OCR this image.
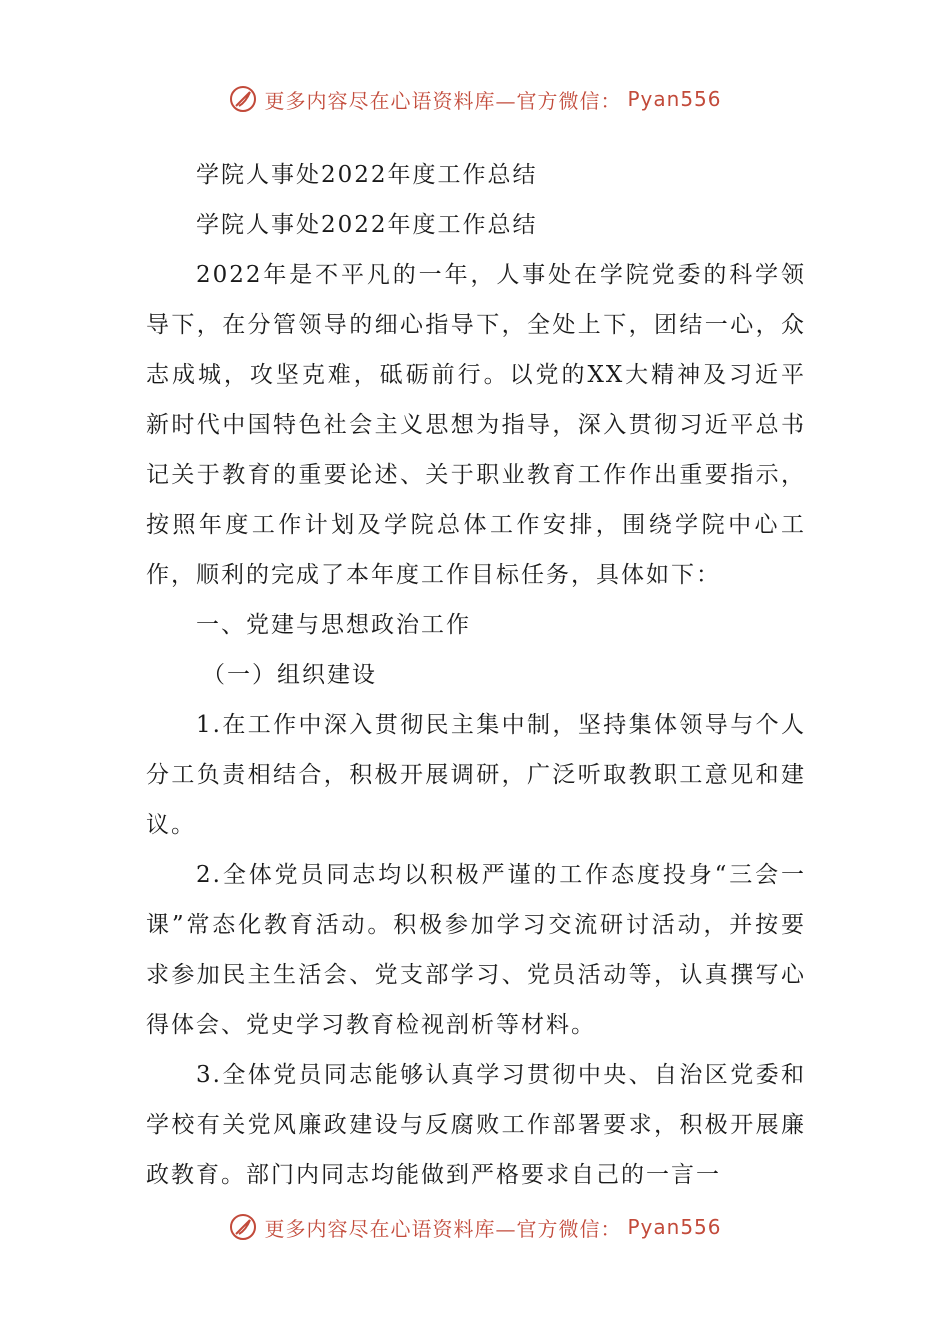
更多内容尽在心语资料库—官方微信： Pyan556

学院人事处2022年度工作总结

学院人事处2022年度工作总结

2022年是不平凡的一年，人事处在学院党委的科学领导下，在分管领导的细心指导下，全处上下，团结一心，众志成城，攻坚克难，砥砺前行。以党的XX大精神及习近平新时代中国特色社会主义思想为指导，深入贯彻习近平总书记关于教育的重要论述、关于职业教育工作作出重要指示，按照年度工作计划及学院总体工作安排，围绕学院中心工作，顺利的完成了本年度工作目标任务，具体如下：

一、党建与思想政治工作

（一）组织建设

1.在工作中深入贯彻民主集中制，坚持集体领导与个人分工负责相结合，积极开展调研，广泛听取教职工意见和建议。

2.全体党员同志均以积极严谨的工作态度投身“三会一课”常态化教育活动。积极参加学习交流研讨活动，并按要求参加民主生活会、党支部学习、党员活动等，认真撰写心得体会、党史学习教育检视剖析等材料。

3.全体党员同志能够认真学习贯彻中央、自治区党委和学校有关党风廉政建设与反腐败工作部署要求，积极开展廉政教育。部门内同志均能做到严格要求自己的一言一

更多内容尽在心语资料库—官方微信： Pyan556
